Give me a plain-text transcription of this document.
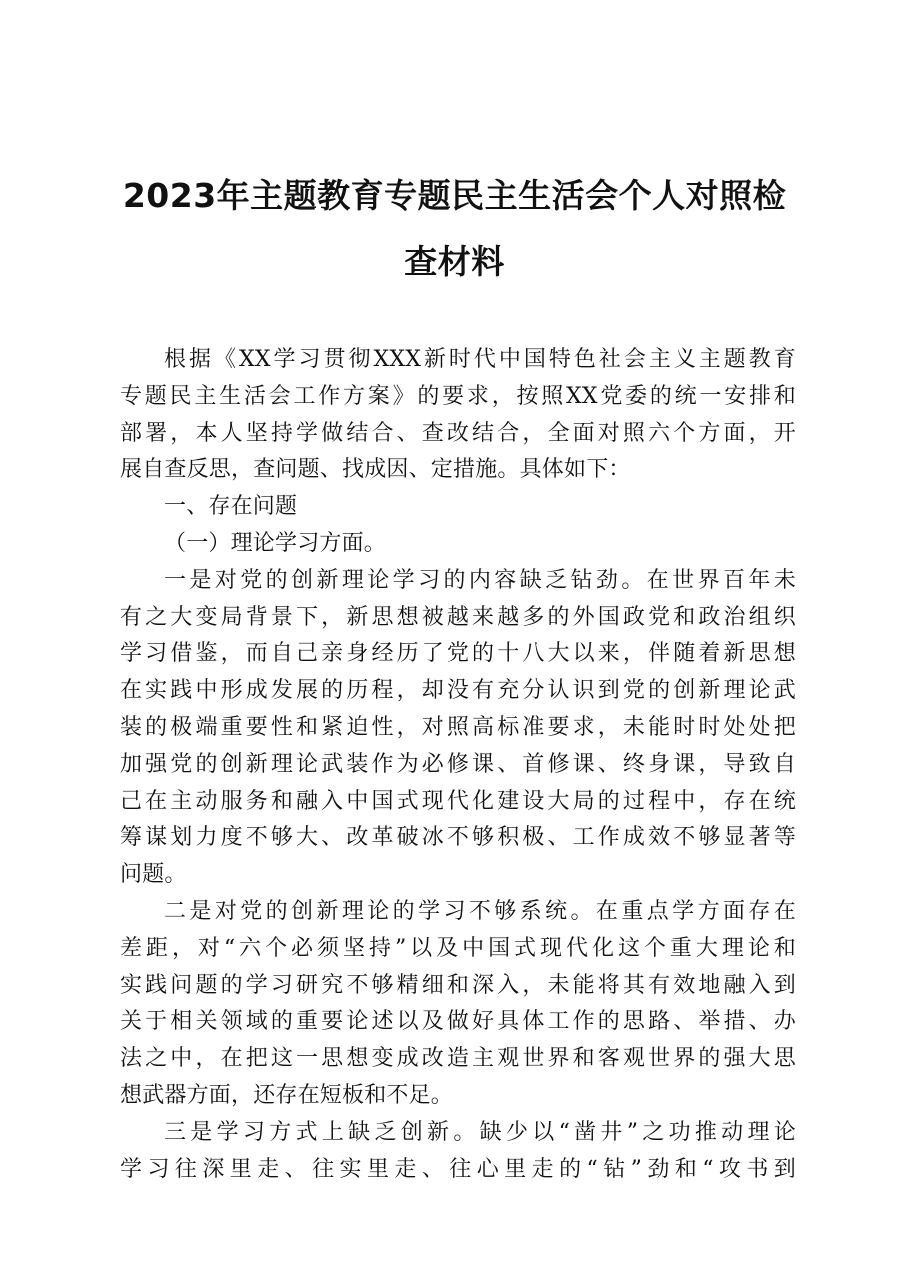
2023年主题教育专题民主生活会个人对照检
查材料
根据《XX学习贯彻XXX新时代中国特色社会主义主题教育
专题民主生活会工作方案》的要求，按照XX党委的统一安排和
部署，本人坚持学做结合、查改结合，全面对照六个方面，开
展自查反思，查问题、找成因、定措施。具体如下：
一、存在问题
（一）理论学习方面。
一是对党的创新理论学习的内容缺乏钻劲。在世界百年未
有之大变局背景下，新思想被越来越多的外国政党和政治组织
学习借鉴，而自己亲身经历了党的十八大以来，伴随着新思想
在实践中形成发展的历程，却没有充分认识到党的创新理论武
装的极端重要性和紧迫性，对照高标准要求，未能时时处处把
加强党的创新理论武装作为必修课、首修课、终身课，导致自
己在主动服务和融入中国式现代化建设大局的过程中，存在统
筹谋划力度不够大、改革破冰不够积极、工作成效不够显著等
问题。
二是对党的创新理论的学习不够系统。在重点学方面存在
差距，对“六个必须坚持”以及中国式现代化这个重大理论和
实践问题的学习研究不够精细和深入，未能将其有效地融入到
关于相关领域的重要论述以及做好具体工作的思路、举措、办
法之中，在把这一思想变成改造主观世界和客观世界的强大思
想武器方面，还存在短板和不足。
三是学习方式上缺乏创新。缺少以“凿井”之功推动理论
学习往深里走、往实里走、往心里走的“钻”劲和“攻书到
